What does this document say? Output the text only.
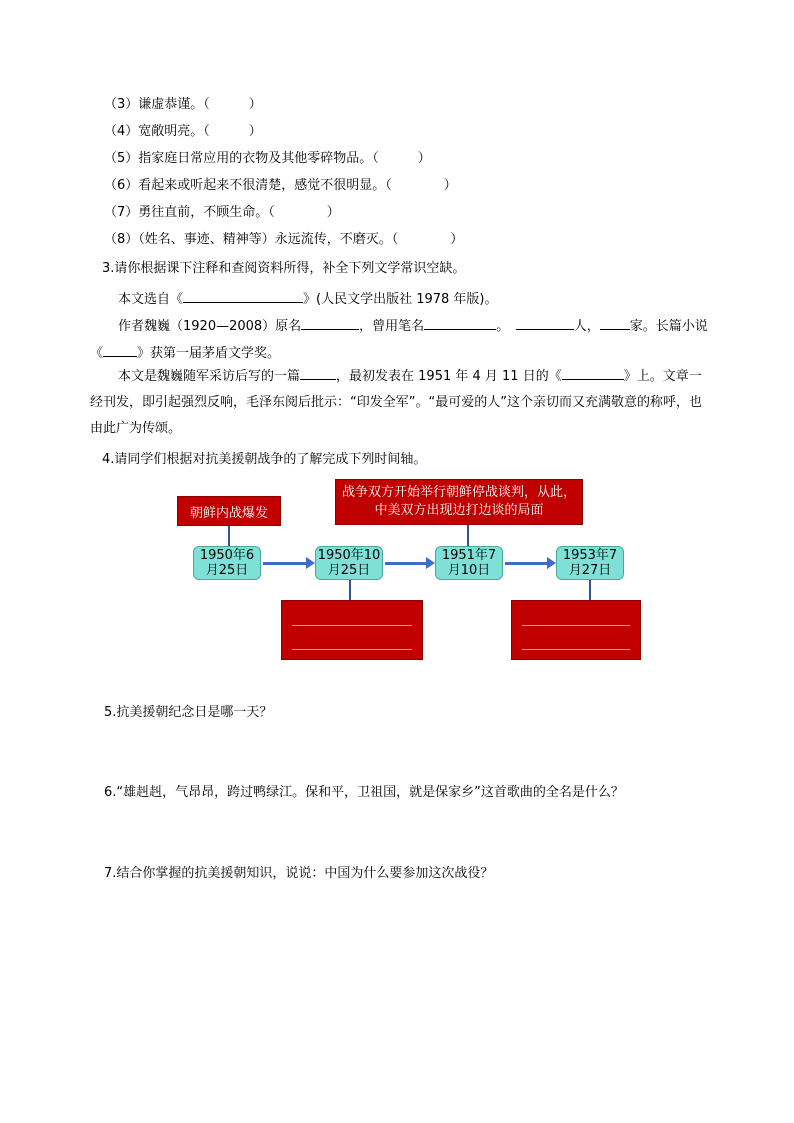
（3）谦虚恭谨。（　　　）
（4）宽敞明亮。（　　　）
（5）指家庭日常应用的衣物及其他零碎物品。（　　　）
（6）看起来或听起来不很清楚，感觉不很明显。（　　　　）
（7）勇往直前，不顾生命。（　　　　）
（8）（姓名、事迹、精神等）永远流传，不磨灭。（　　　　）
3.请你根据课下注释和查阅资料所得，补全下列文学常识空缺。
本文选自《	》(人民文学出版社 1978 年版)。
作者魏巍（1920—2008）原名	，曾用笔名	。　	人， 家。长篇小说
《	》获第一届茅盾文学奖。
本文是魏巍随军采访后写的一篇	，最初发表在 1951 年 4 月 11 日的《	》上。文章一经刊发，即引起强烈反响，毛泽东阅后批示：“印发全军”。“最可爱的人”这个亲切而又充满敬意的称呼，也由此广为传颂。
4.请同学们根据对抗美援朝战争的了解完成下列时间轴。
朝鲜内战爆发
战争双方开始举行朝鲜停战谈判，从此，中美双方出现边打边谈的局面
1950年6月25日
1950年10月25日
1951年7月10日
1953年7月27日
5.抗美援朝纪念日是哪一天？
6.“雄赳赳，气昂昂，跨过鸭绿江。保和平，卫祖国，就是保家乡”这首歌曲的全名是什么？
7.结合你掌握的抗美援朝知识，说说：中国为什么要参加这次战役？
